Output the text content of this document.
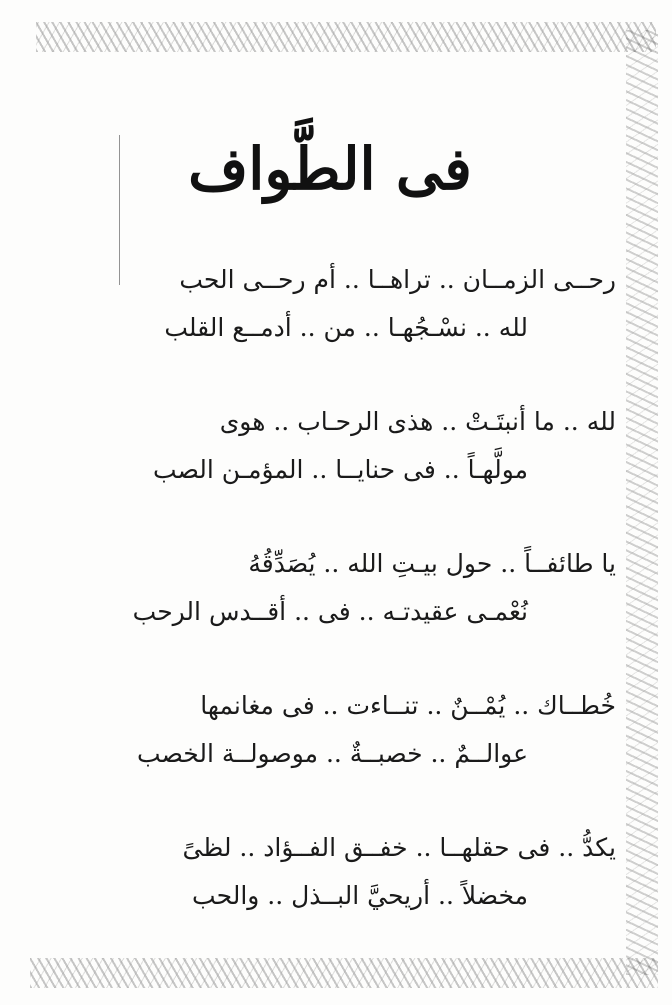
فى الطَّواف
رحــى الزمــان .. تراهــا .. أم رحــى الحب
لله .. نسْـجُهـا .. من .. أدمــع القلب
لله .. ما أنبتَـتْ .. هذى الرحـاب .. هوى
مولَّهـاً .. فى حنايــا .. المؤمـن الصب
يا طائفــاً .. حول بيـتِ الله .. يُصَدِّقُهُ
نُعْمـى عقيدتـه .. فى .. أقــدس الرحب
خُطــاك .. يُمْــنٌ .. تنــاءت .. فى مغانمها
عوالــمٌ .. خصبــةٌ .. موصولــة الخصب
يكدُّ .. فى حقلهــا .. خفــق الفــؤاد .. لظىً
مخضلاً .. أريحيَّ البــذل .. والحب
